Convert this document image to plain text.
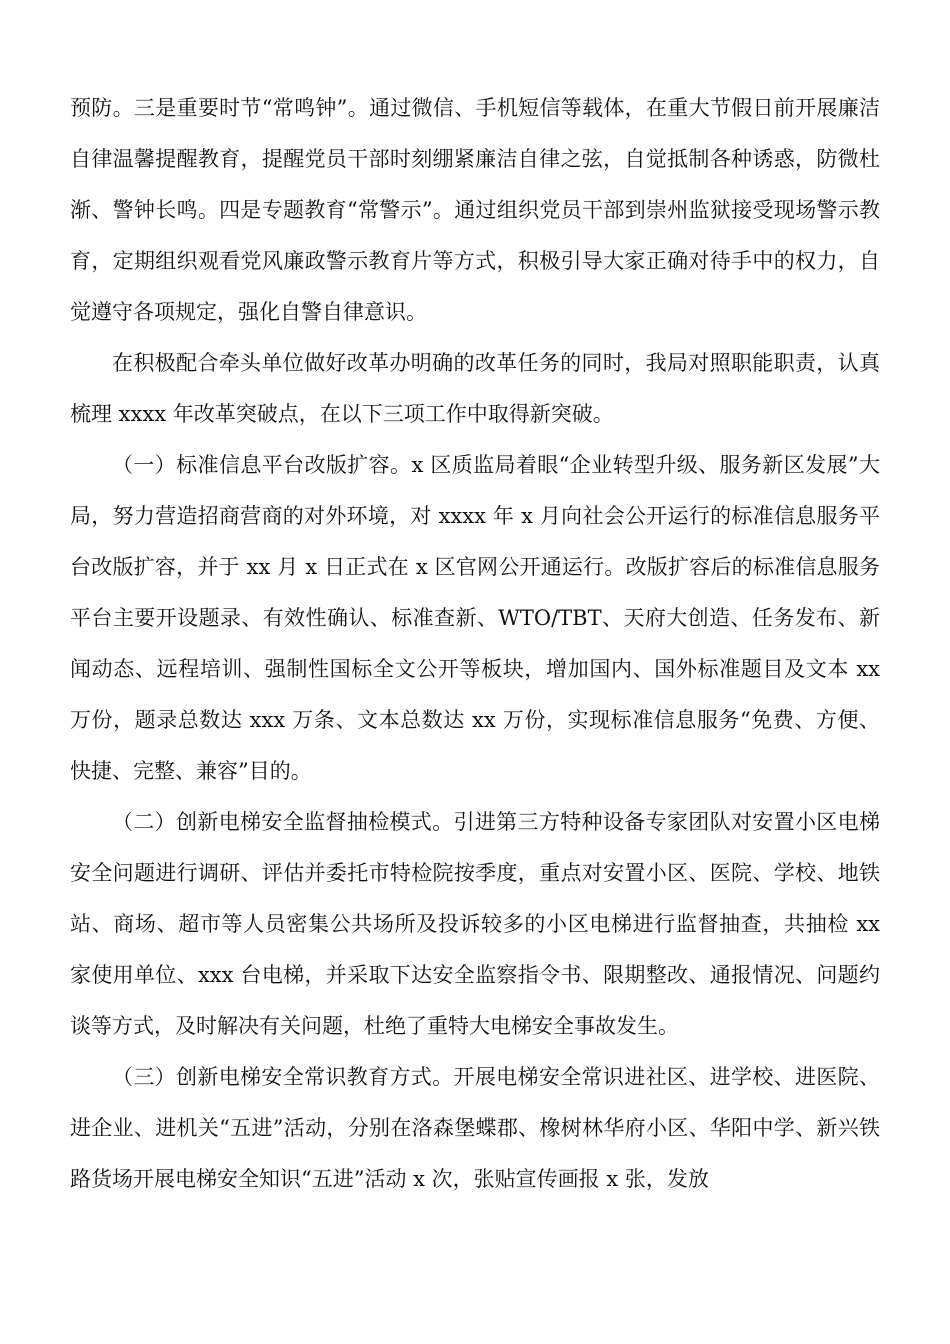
预防。三是重要时节“常鸣钟”。通过微信、手机短信等载体，在重大节假日前开展廉洁自律温馨提醒教育，提醒党员干部时刻绷紧廉洁自律之弦，自觉抵制各种诱惑，防微杜渐、警钟长鸣。四是专题教育“常警示”。通过组织党员干部到崇州监狱接受现场警示教育，定期组织观看党风廉政警示教育片等方式，积极引导大家正确对待手中的权力，自觉遵守各项规定，强化自警自律意识。

在积极配合牵头单位做好改革办明确的改革任务的同时，我局对照职能职责，认真梳理 xxxx 年改革突破点，在以下三项工作中取得新突破。

（一）标准信息平台改版扩容。x 区质监局着眼“企业转型升级、服务新区发展”大局，努力营造招商营商的对外环境，对 xxxx 年 x 月向社会公开运行的标准信息服务平台改版扩容，并于 xx 月 x 日正式在 x 区官网公开通运行。改版扩容后的标准信息服务平台主要开设题录、有效性确认、标准查新、WTO/TBT、天府大创造、任务发布、新闻动态、远程培训、强制性国标全文公开等板块，增加国内、国外标准题目及文本 xx 万份，题录总数达 xxx 万条、文本总数达 xx 万份，实现标准信息服务“免费、方便、快捷、完整、兼容”目的。

（二）创新电梯安全监督抽检模式。引进第三方特种设备专家团队对安置小区电梯安全问题进行调研、评估并委托市特检院按季度，重点对安置小区、医院、学校、地铁站、商场、超市等人员密集公共场所及投诉较多的小区电梯进行监督抽查，共抽检 xx 家使用单位、xxx 台电梯，并采取下达安全监察指令书、限期整改、通报情况、问题约谈等方式，及时解决有关问题，杜绝了重特大电梯安全事故发生。

（三）创新电梯安全常识教育方式。开展电梯安全常识进社区、进学校、进医院、进企业、进机关“五进”活动，分别在洛森堡蝶郡、橡树林华府小区、华阳中学、新兴铁路货场开展电梯安全知识“五进”活动 x 次，张贴宣传画报 x 张，发放
